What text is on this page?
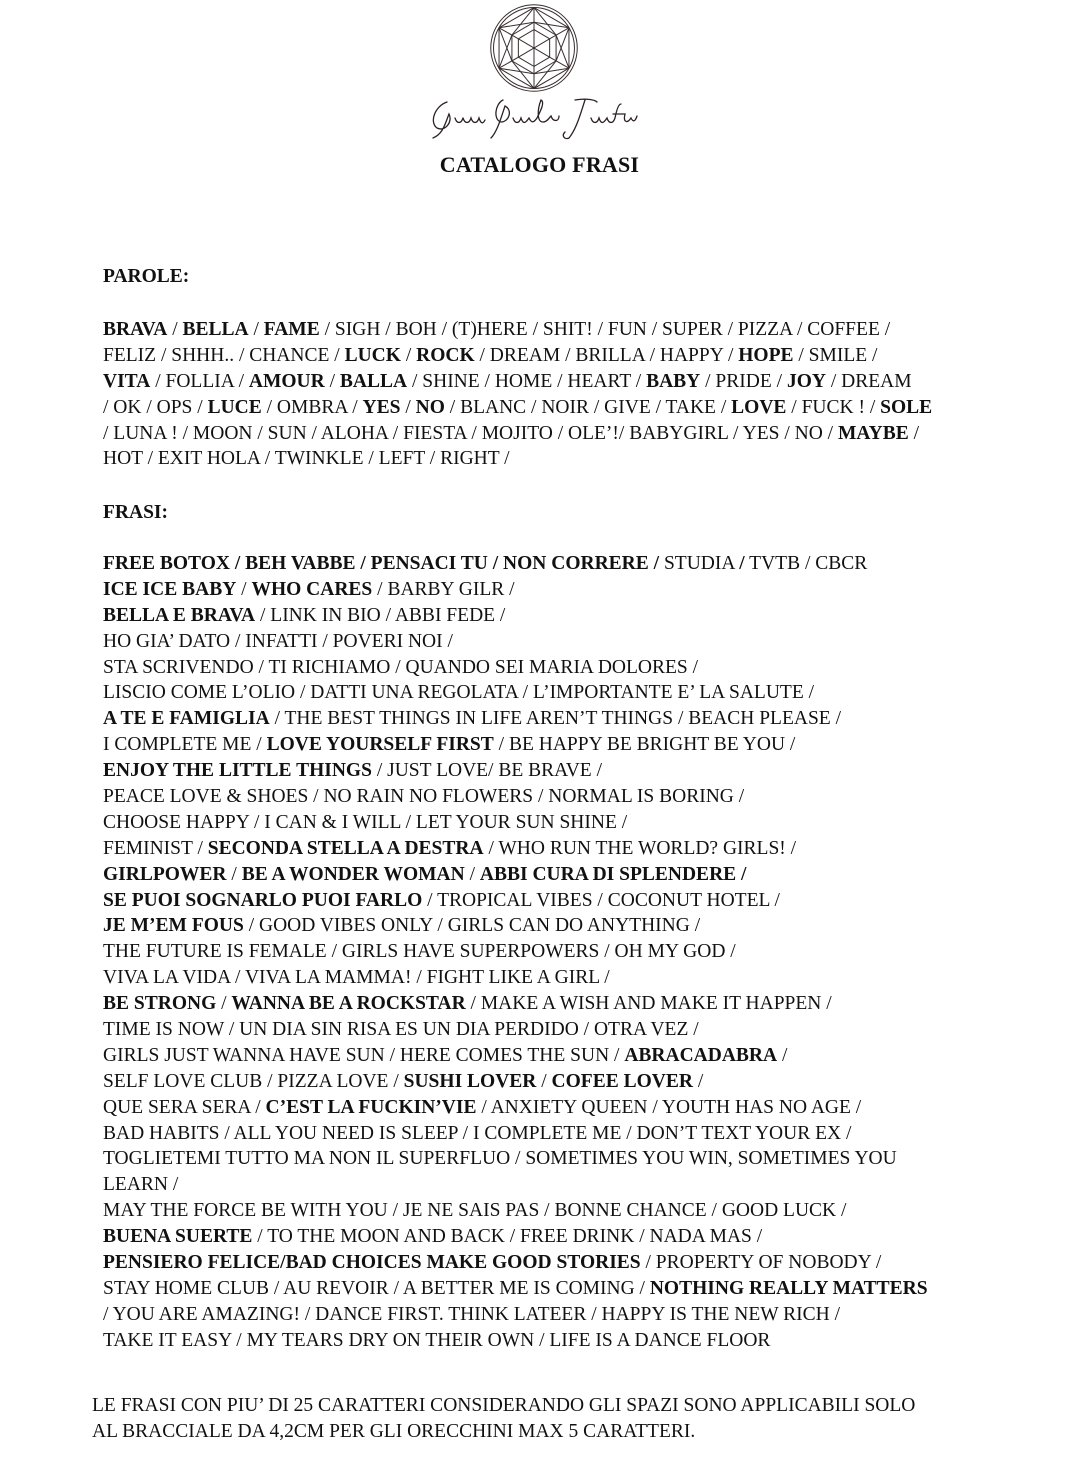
CATALOGO FRASI
PAROLE:
BRAVA / BELLA / FAME / SIGH / BOH / (T)HERE / SHIT! / FUN / SUPER / PIZZA / COFFEE /
FELIZ / SHHH.. / CHANCE / LUCK / ROCK / DREAM / BRILLA / HAPPY / HOPE / SMILE /
VITA / FOLLIA / AMOUR / BALLA / SHINE / HOME / HEART / BABY / PRIDE / JOY / DREAM
/ OK / OPS / LUCE / OMBRA / YES / NO / BLANC / NOIR / GIVE / TAKE / LOVE / FUCK ! / SOLE
/ LUNA ! / MOON / SUN / ALOHA / FIESTA / MOJITO / OLE’!/ BABYGIRL / YES / NO / MAYBE /
HOT / EXIT HOLA / TWINKLE / LEFT / RIGHT /
FRASI:
FREE BOTOX / BEH VABBE / PENSACI TU / NON CORRERE / STUDIA / TVTB / CBCR
ICE ICE BABY / WHO CARES / BARBY GILR /
BELLA E BRAVA / LINK IN BIO / ABBI FEDE /
HO GIA’ DATO / INFATTI / POVERI NOI /
STA SCRIVENDO / TI RICHIAMO / QUANDO SEI MARIA DOLORES /
LISCIO COME L’OLIO / DATTI UNA REGOLATA / L’IMPORTANTE E’ LA SALUTE /
A TE E FAMIGLIA / THE BEST THINGS IN LIFE AREN’T THINGS / BEACH PLEASE /
I COMPLETE ME / LOVE YOURSELF FIRST / BE HAPPY BE BRIGHT BE YOU /
ENJOY THE LITTLE THINGS / JUST LOVE/ BE BRAVE /
PEACE LOVE & SHOES / NO RAIN NO FLOWERS / NORMAL IS BORING /
CHOOSE HAPPY / I CAN & I WILL / LET YOUR SUN SHINE /
FEMINIST / SECONDA STELLA A DESTRA / WHO RUN THE WORLD? GIRLS! /
GIRLPOWER / BE A WONDER WOMAN / ABBI CURA DI SPLENDERE /
SE PUOI SOGNARLO PUOI FARLO / TROPICAL VIBES / COCONUT HOTEL /
JE M’EM FOUS / GOOD VIBES ONLY / GIRLS CAN DO ANYTHING /
THE FUTURE IS FEMALE / GIRLS HAVE SUPERPOWERS / OH MY GOD /
VIVA LA VIDA / VIVA LA MAMMA! / FIGHT LIKE A GIRL /
BE STRONG / WANNA BE A ROCKSTAR / MAKE A WISH AND MAKE IT HAPPEN /
TIME IS NOW / UN DIA SIN RISA ES UN DIA PERDIDO / OTRA VEZ /
GIRLS JUST WANNA HAVE SUN / HERE COMES THE SUN / ABRACADABRA /
SELF LOVE CLUB / PIZZA LOVE / SUSHI LOVER / COFEE LOVER /
QUE SERA SERA / C’EST LA FUCKIN’VIE / ANXIETY QUEEN / YOUTH HAS NO AGE /
BAD HABITS / ALL YOU NEED IS SLEEP / I COMPLETE ME / DON’T TEXT YOUR EX /
TOGLIETEMI TUTTO MA NON IL SUPERFLUO / SOMETIMES YOU WIN, SOMETIMES YOU
LEARN /
MAY THE FORCE BE WITH YOU / JE NE SAIS PAS / BONNE CHANCE / GOOD LUCK /
BUENA SUERTE / TO THE MOON AND BACK / FREE DRINK / NADA MAS /
PENSIERO FELICE/BAD CHOICES MAKE GOOD STORIES / PROPERTY OF NOBODY /
STAY HOME CLUB / AU REVOIR / A BETTER ME IS COMING / NOTHING REALLY MATTERS
/ YOU ARE AMAZING! / DANCE FIRST. THINK LATEER / HAPPY IS THE NEW RICH /
TAKE IT EASY / MY TEARS DRY ON THEIR OWN / LIFE IS A DANCE FLOOR
LE FRASI CON PIU’ DI 25 CARATTERI CONSIDERANDO GLI SPAZI SONO APPLICABILI SOLO
AL BRACCIALE DA 4,2CM PER GLI ORECCHINI MAX 5 CARATTERI.
